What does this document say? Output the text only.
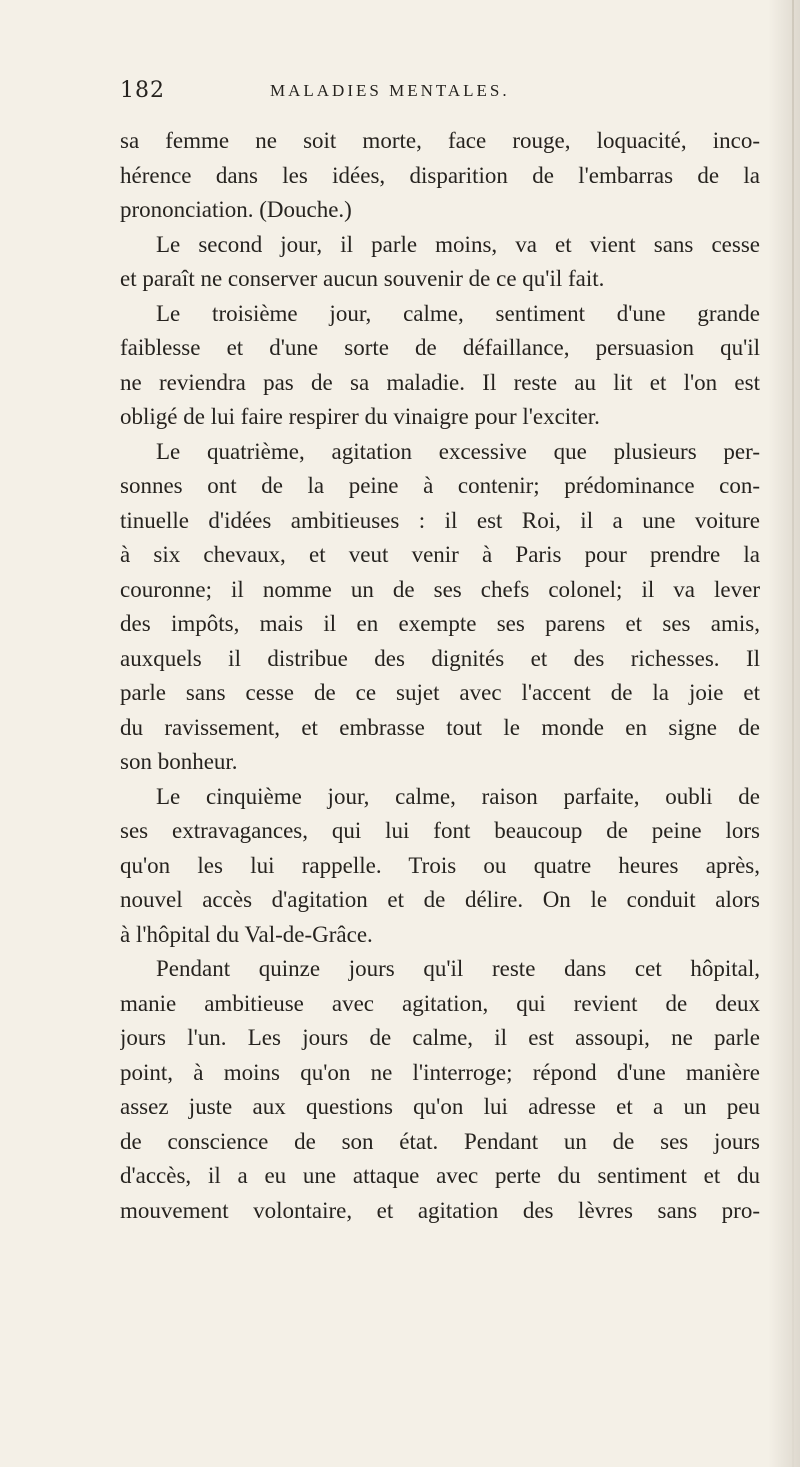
182	MALADIES MENTALES.
sa femme ne soit morte, face rouge, loquacité, inco-
hérence dans les idées, disparition de l'embarras de la
prononciation. (Douche.)
Le second jour, il parle moins, va et vient sans cesse
et paraît ne conserver aucun souvenir de ce qu'il fait.
Le troisième jour, calme, sentiment d'une grande
faiblesse et d'une sorte de défaillance, persuasion qu'il
ne reviendra pas de sa maladie. Il reste au lit et l'on est
obligé de lui faire respirer du vinaigre pour l'exciter.
Le quatrième, agitation excessive que plusieurs per-
sonnes ont de la peine à contenir; prédominance con-
tinuelle d'idées ambitieuses : il est Roi, il a une voiture
à six chevaux, et veut venir à Paris pour prendre la
couronne; il nomme un de ses chefs colonel; il va lever
des impôts, mais il en exempte ses parens et ses amis,
auxquels il distribue des dignités et des richesses. Il
parle sans cesse de ce sujet avec l'accent de la joie et
du ravissement, et embrasse tout le monde en signe de
son bonheur.
Le cinquième jour, calme, raison parfaite, oubli de
ses extravagances, qui lui font beaucoup de peine lors
qu'on les lui rappelle. Trois ou quatre heures après,
nouvel accès d'agitation et de délire. On le conduit alors
à l'hôpital du Val-de-Grâce.
Pendant quinze jours qu'il reste dans cet hôpital,
manie ambitieuse avec agitation, qui revient de deux
jours l'un. Les jours de calme, il est assoupi, ne parle
point, à moins qu'on ne l'interroge; répond d'une manière
assez juste aux questions qu'on lui adresse et a un peu
de conscience de son état. Pendant un de ses jours
d'accès, il a eu une attaque avec perte du sentiment et du
mouvement volontaire, et agitation des lèvres sans pro-
